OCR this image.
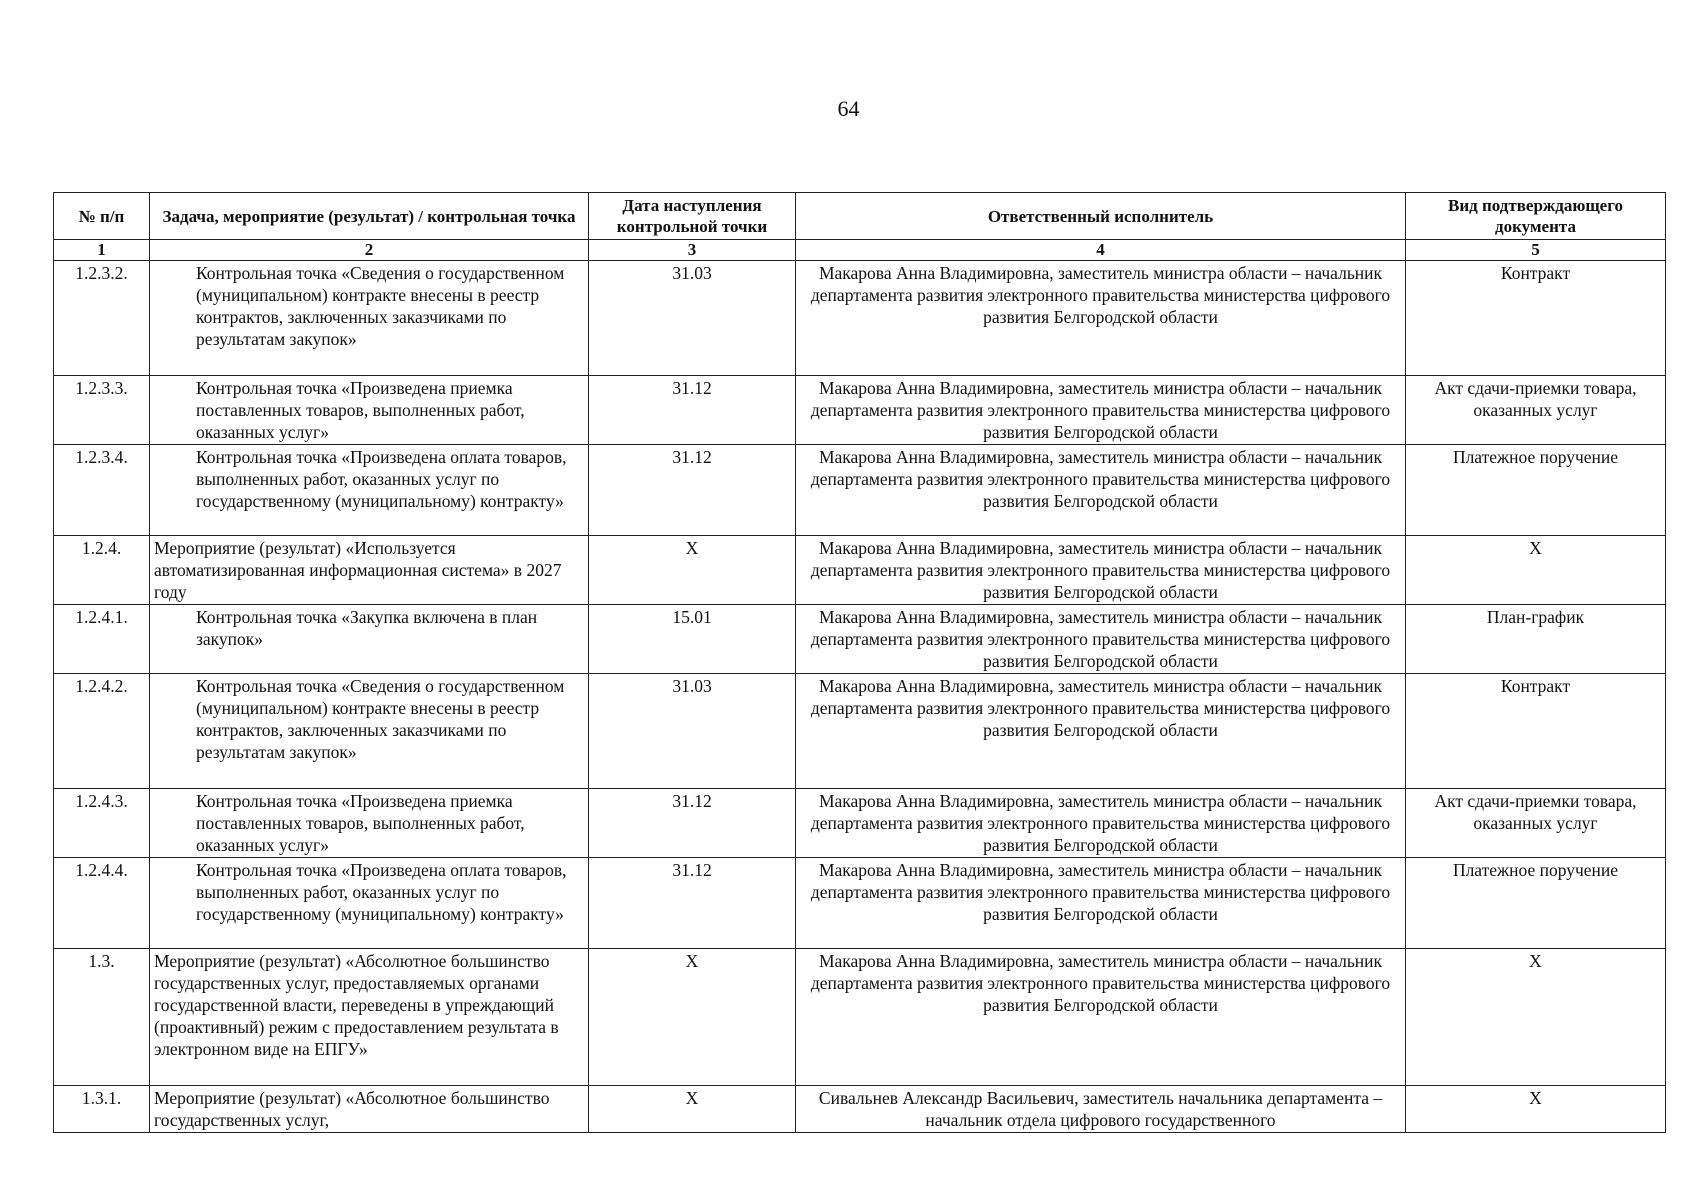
64
№ п/п	Задача, мероприятие (результат) / контрольная точка	Дата наступления контрольной точки	Ответственный исполнитель	Вид подтверждающего документа
1	2	3	4	5
1.2.3.2.	Контрольная точка «Сведения о государственном (муниципальном) контракте внесены в реестр контрактов, заключенных заказчиками по результатам закупок»	31.03	Макарова Анна Владимировна, заместитель министра области – начальник департамента развития электронного правительства министерства цифрового развития Белгородской области	Контракт
1.2.3.3.	Контрольная точка «Произведена приемка поставленных товаров, выполненных работ, оказанных услуг»	31.12	Макарова Анна Владимировна, заместитель министра области – начальник департамента развития электронного правительства министерства цифрового развития Белгородской области	Акт сдачи-приемки товара, оказанных услуг
1.2.3.4.	Контрольная точка «Произведена оплата товаров, выполненных работ, оказанных услуг по государственному (муниципальному) контракту»	31.12	Макарова Анна Владимировна, заместитель министра области – начальник департамента развития электронного правительства министерства цифрового развития Белгородской области	Платежное поручение
1.2.4.	Мероприятие (результат) «Используется автоматизированная информационная система» в 2027 году	Х	Макарова Анна Владимировна, заместитель министра области – начальник департамента развития электронного правительства министерства цифрового развития Белгородской области	Х
1.2.4.1.	Контрольная точка «Закупка включена в план закупок»	15.01	Макарова Анна Владимировна, заместитель министра области – начальник департамента развития электронного правительства министерства цифрового развития Белгородской области	План-график
1.2.4.2.	Контрольная точка «Сведения о государственном (муниципальном) контракте внесены в реестр контрактов, заключенных заказчиками по результатам закупок»	31.03	Макарова Анна Владимировна, заместитель министра области – начальник департамента развития электронного правительства министерства цифрового развития Белгородской области	Контракт
1.2.4.3.	Контрольная точка «Произведена приемка поставленных товаров, выполненных работ, оказанных услуг»	31.12	Макарова Анна Владимировна, заместитель министра области – начальник департамента развития электронного правительства министерства цифрового развития Белгородской области	Акт сдачи-приемки товара, оказанных услуг
1.2.4.4.	Контрольная точка «Произведена оплата товаров, выполненных работ, оказанных услуг по государственному (муниципальному) контракту»	31.12	Макарова Анна Владимировна, заместитель министра области – начальник департамента развития электронного правительства министерства цифрового развития Белгородской области	Платежное поручение
1.3.	Мероприятие (результат) «Абсолютное большинство государственных услуг, предоставляемых органами государственной власти, переведены в упреждающий (проактивный) режим с предоставлением результата в электронном виде на ЕПГУ»	Х	Макарова Анна Владимировна, заместитель министра области – начальник департамента развития электронного правительства министерства цифрового развития Белгородской области	Х
1.3.1.	Мероприятие (результат) «Абсолютное большинство государственных услуг,	Х	Сивальнев Александр Васильевич, заместитель начальника департамента – начальник отдела цифрового государственного	Х
